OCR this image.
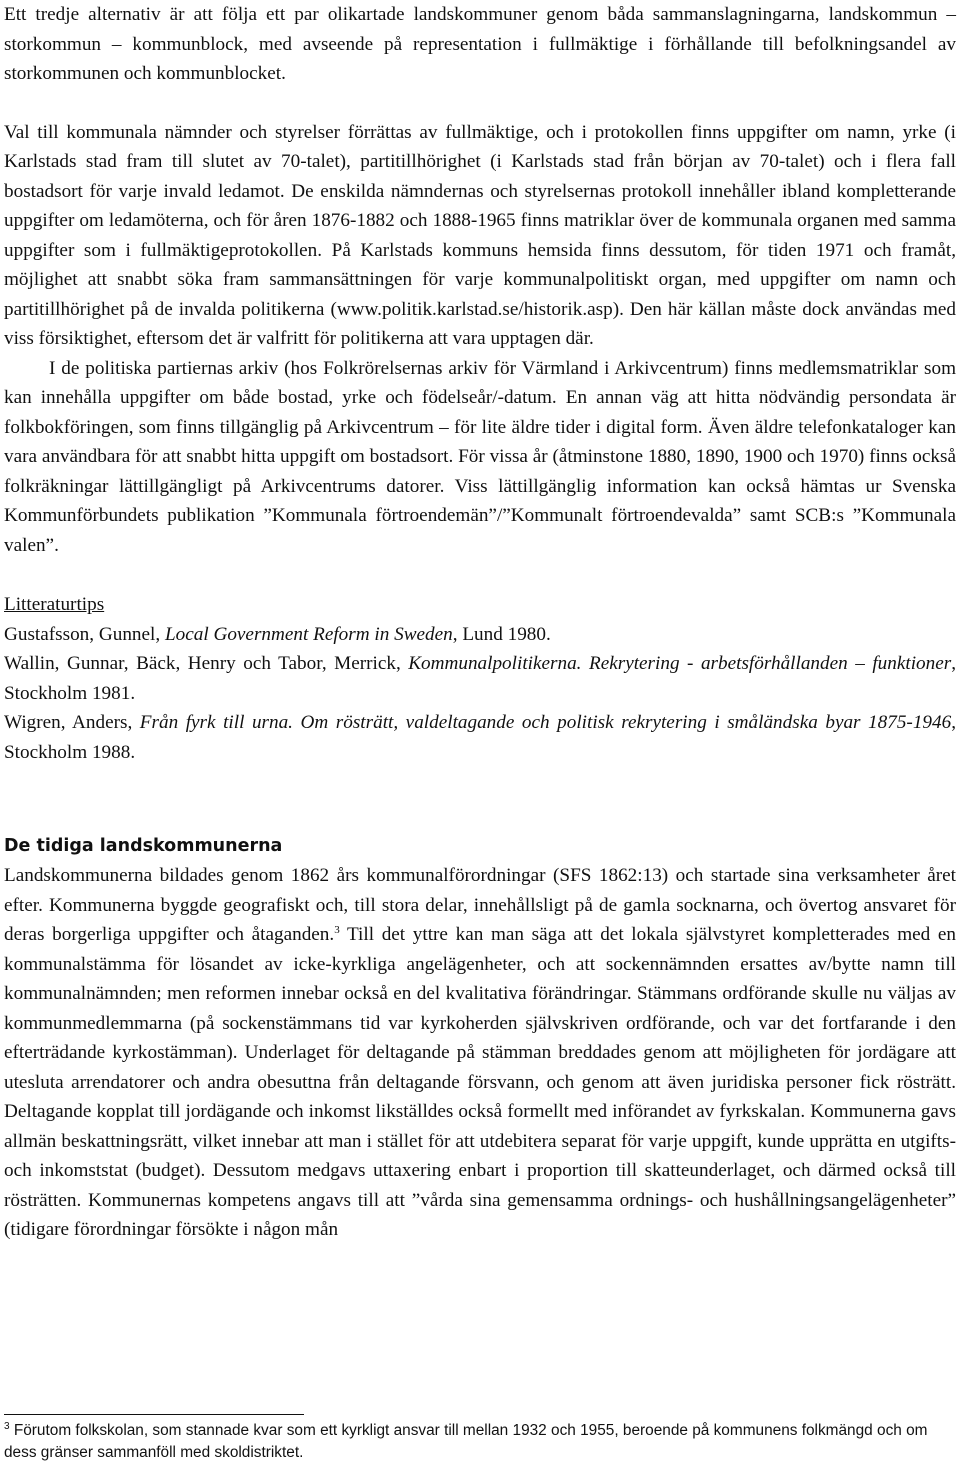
Ett tredje alternativ är att följa ett par olikartade landskommuner genom båda sammanslagningarna, landskommun – storkommun – kommunblock, med avseende på representation i fullmäktige i förhållande till befolkningsandel av storkommunen och kommunblocket.

Val till kommunala nämnder och styrelser förrättas av fullmäktige, och i protokollen finns uppgifter om namn, yrke (i Karlstads stad fram till slutet av 70-talet), partitillhörighet (i Karlstads stad från början av 70-talet) och i flera fall bostadsort för varje invald ledamot. De enskilda nämndernas och styrelsernas protokoll innehåller ibland kompletterande uppgifter om ledamöterna, och för åren 1876-1882 och 1888-1965 finns matriklar över de kommunala organen med samma uppgifter som i fullmäktigeprotokollen. På Karlstads kommuns hemsida finns dessutom, för tiden 1971 och framåt, möjlighet att snabbt söka fram sammansättningen för varje kommunalpolitiskt organ, med uppgifter om namn och partitillhörighet på de invalda politikerna (www.politik.karlstad.se/historik.asp). Den här källan måste dock användas med viss försiktighet, eftersom det är valfritt för politikerna att vara upptagen där.

I de politiska partiernas arkiv (hos Folkrörelsernas arkiv för Värmland i Arkivcentrum) finns medlemsmatriklar som kan innehålla uppgifter om både bostad, yrke och födelseår/-datum. En annan väg att hitta nödvändig persondata är folkbokföringen, som finns tillgänglig på Arkivcentrum – för lite äldre tider i digital form. Även äldre telefonkataloger kan vara användbara för att snabbt hitta uppgift om bostadsort. För vissa år (åtminstone 1880, 1890, 1900 och 1970) finns också folkräkningar lättillgängligt på Arkivcentrums datorer. Viss lättillgänglig information kan också hämtas ur Svenska Kommunförbundets publikation ”Kommunala förtroendemän”/”Kommunalt förtroendevalda” samt SCB:s ”Kommunala valen”.

Litteraturtips

Gustafsson, Gunnel, Local Government Reform in Sweden, Lund 1980.

Wallin, Gunnar, Bäck, Henry och Tabor, Merrick, Kommunalpolitikerna. Rekrytering - arbetsförhållanden – funktioner, Stockholm 1981.

Wigren, Anders, Från fyrk till urna. Om rösträtt, valdeltagande och politisk rekrytering i småländska byar 1875-1946, Stockholm 1988.

De tidiga landskommunerna

Landskommunerna bildades genom 1862 års kommunalförordningar (SFS 1862:13) och startade sina verksamheter året efter. Kommunerna byggde geografiskt och, till stora delar, innehållsligt på de gamla socknarna, och övertog ansvaret för deras borgerliga uppgifter och åtaganden.$^3$ Till det yttre kan man säga att det lokala självstyret kompletterades med en kommunalstämma för lösandet av icke-kyrkliga angelägenheter, och att sockennämnden ersattes av/bytte namn till kommunalnämnden; men reformen innebar också en del kvalitativa förändringar. Stämmans ordförande skulle nu väljas av kommunmedlemmarna (på sockenstämmans tid var kyrkoherden självskriven ordförande, och var det fortfarande i den efterträdande kyrkostämman). Underlaget för deltagande på stämman breddades genom att möjligheten för jordägare att utesluta arrendatorer och andra obesuttna från deltagande försvann, och genom att även juridiska personer fick rösträtt. Deltagande kopplat till jordägande och inkomst likställdes också formellt med införandet av fyrkskalan. Kommunerna gavs allmän beskattningsrätt, vilket innebar att man i stället för att utdebitera separat för varje uppgift, kunde upprätta en utgifts- och inkomststat (budget). Dessutom medgavs uttaxering enbart i proportion till skatteunderlaget, och därmed också till rösträtten. Kommunernas kompetens angavs till att ”vårda sina gemensamma ordnings- och hushållningsangelägenheter” (tidigare förordningar försökte i någon mån

$^3$ Förutom folkskolan, som stannade kvar som ett kyrkligt ansvar till mellan 1932 och 1955, beroende på kommunens folkmängd och om dess gränser sammanföll med skoldistriktet.
